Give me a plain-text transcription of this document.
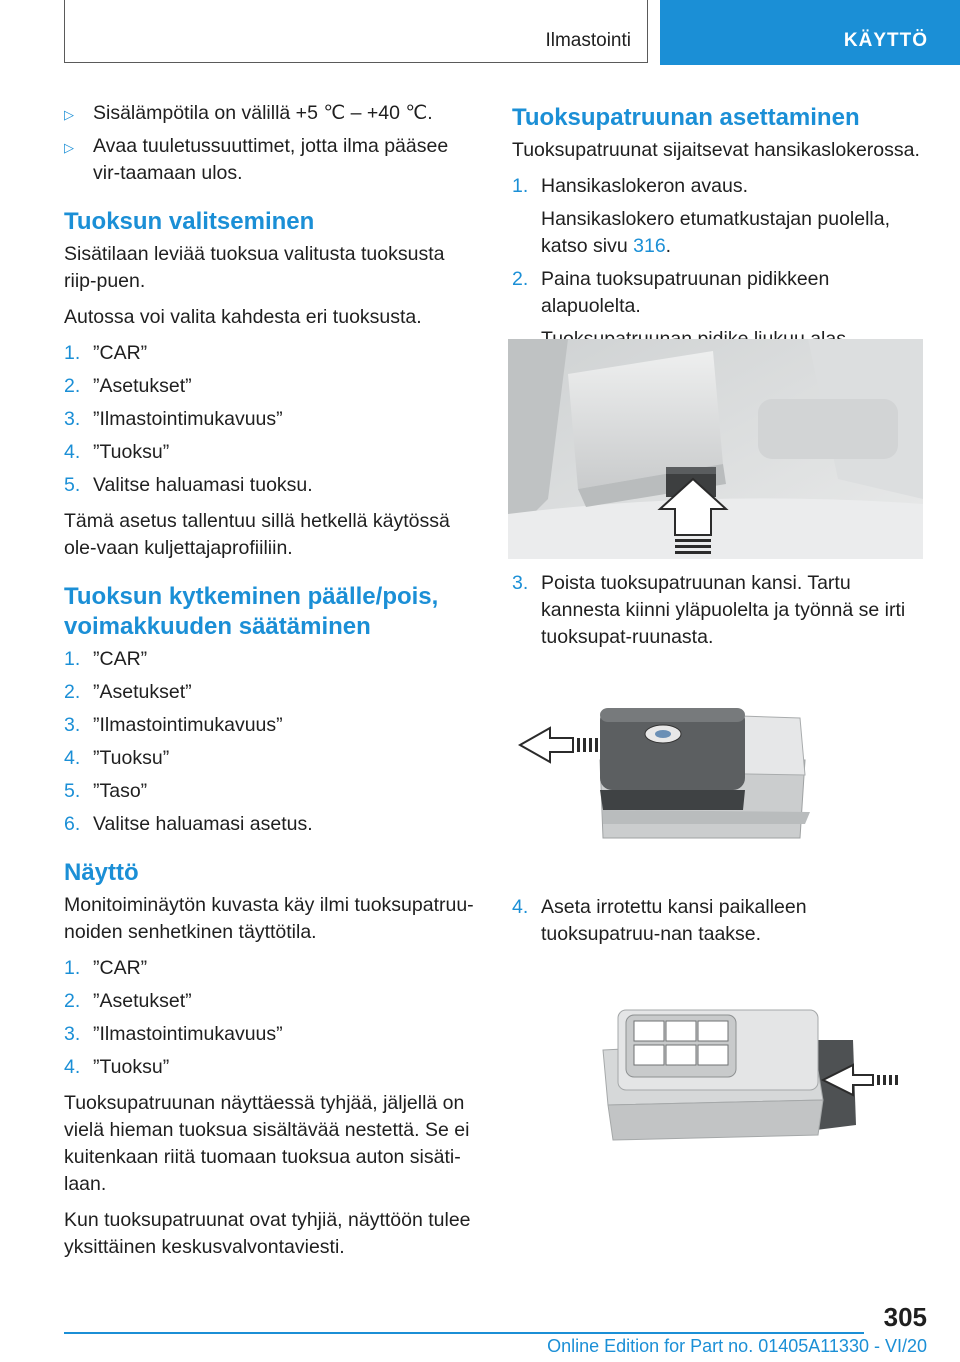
Ilmastointi	KÄYTTÖ
▷ Sisälämpötila on välillä +5 ℃ – +40 ℃.
▷ Avaa tuuletussuuttimet, jotta ilma pääsee vir-taamaan ulos.
Tuoksun valitseminen

Sisätilaan leviää tuoksua valitusta tuoksusta riip-puen.

Autossa voi valita kahdesta eri tuoksusta.

1. ”CAR”
2. ”Asetukset”
3. ”Ilmastointimukavuus”
4. ”Tuoksu”
5. Valitse haluamasi tuoksu.

Tämä asetus tallentuu sillä hetkellä käytössä ole-vaan kuljettajaprofiiliin.

Tuoksun kytkeminen päälle/pois, voimakkuuden säätäminen
1. ”CAR”
2. ”Asetukset”
3. ”Ilmastointimukavuus”
4. ”Tuoksu”
5. ”Taso”
6. Valitse haluamasi asetus.
Näyttö

Monitoiminäytön kuvasta käy ilmi tuoksupatruu-noiden senhetkinen täyttötila.

1. ”CAR”
2. ”Asetukset”
3. ”Ilmastointimukavuus”
4. ”Tuoksu”

Tuoksupatruunan näyttäessä tyhjää, jäljellä on vielä hieman tuoksua sisältävää nestettä. Se ei kuitenkaan riitä tuomaan tuoksua auton sisäti-laan.

Kun tuoksupatruunat ovat tyhjiä, näyttöön tulee yksittäinen keskusvalvontaviesti.

Tuoksupatruunan asettaminen

Tuoksupatruunat sijaitsevat hansikaslokerossa.

1. Hansikaslokeron avaus.
Hansikaslokero etumatkustajan puolella, katso sivu 316.
2. Paina tuoksupatruunan pidikkeen alapuolelta.
3. Poista tuoksupatruunan kansi. Tartu kannesta kiinni yläpuolelta ja työnnä se irti tuoksupat-ruunasta.
4. Aseta irrotettu kansi paikalleen tuoksupatruu-nan taakse.
305
Online Edition for Part no. 01405A11330 - VI/20
